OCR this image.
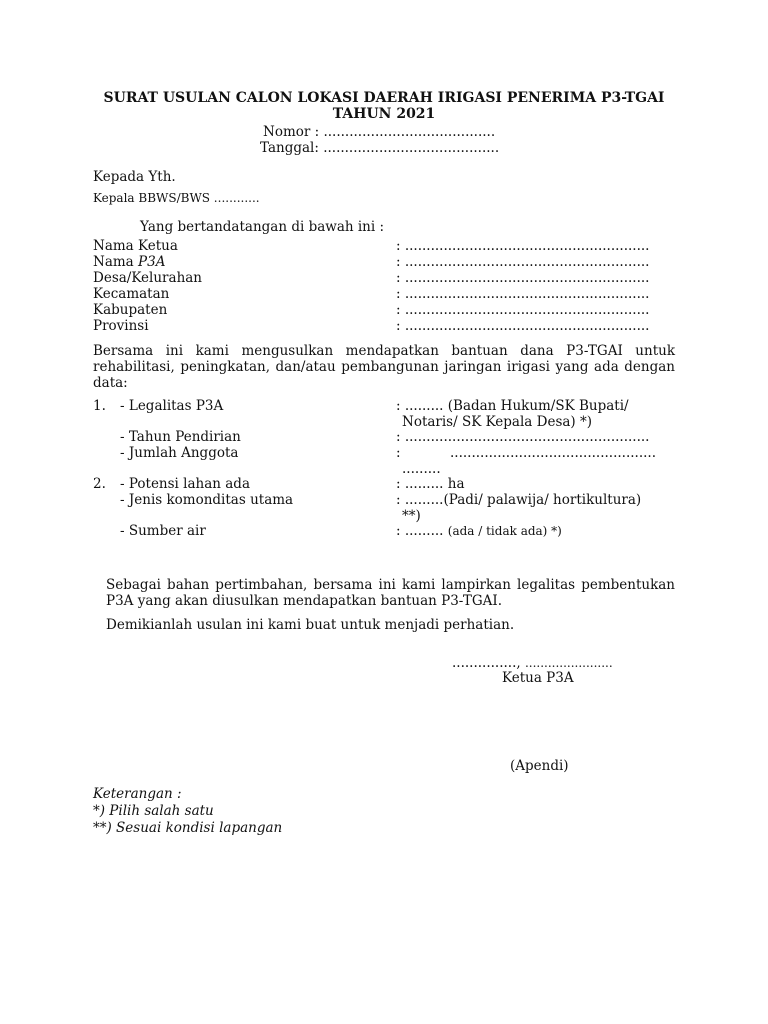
SURAT USULAN CALON LOKASI DAERAH IRIGASI PENERIMA P3-TGAI
TAHUN 2021
Nomor : ........................................
Tanggal: .........................................
Kepada Yth.
Kepala BBWS/BWS ............
Yang bertandatangan di bawah ini :
Nama Ketua	: .........................................................
Nama P3A	: .........................................................
Desa/Kelurahan	: .........................................................
Kecamatan	: .........................................................
Kabupaten	: .........................................................
Provinsi	: .........................................................
Bersama ini kami mengusulkan mendapatkan bantuan dana P3-TGAI untuk rehabilitasi, peningkatan, dan/atau pembangunan jaringan irigasi yang ada dengan data:
1. - Legalitas P3A	: ......... (Badan Hukum/SK Bupati/
Notaris/ SK Kepala Desa) *)
- Tahun Pendirian	: .........................................................
- Jumlah Anggota	:	................................................
.........
2. - Potensi lahan ada	: ......... ha
- Jenis komonditas utama	: .........(Padi/ palawija/ hortikultura)
**)
- Sumber air	: ......... (ada / tidak ada) *)
Sebagai bahan pertimbahan, bersama ini kami lampirkan legalitas pembentukan P3A yang akan diusulkan mendapatkan bantuan P3-TGAI.
Demikianlah usulan ini kami buat untuk menjadi perhatian.
..............., .......................
Ketua P3A
(Apendi)
Keterangan :
*) Pilih salah satu
**) Sesuai kondisi lapangan
